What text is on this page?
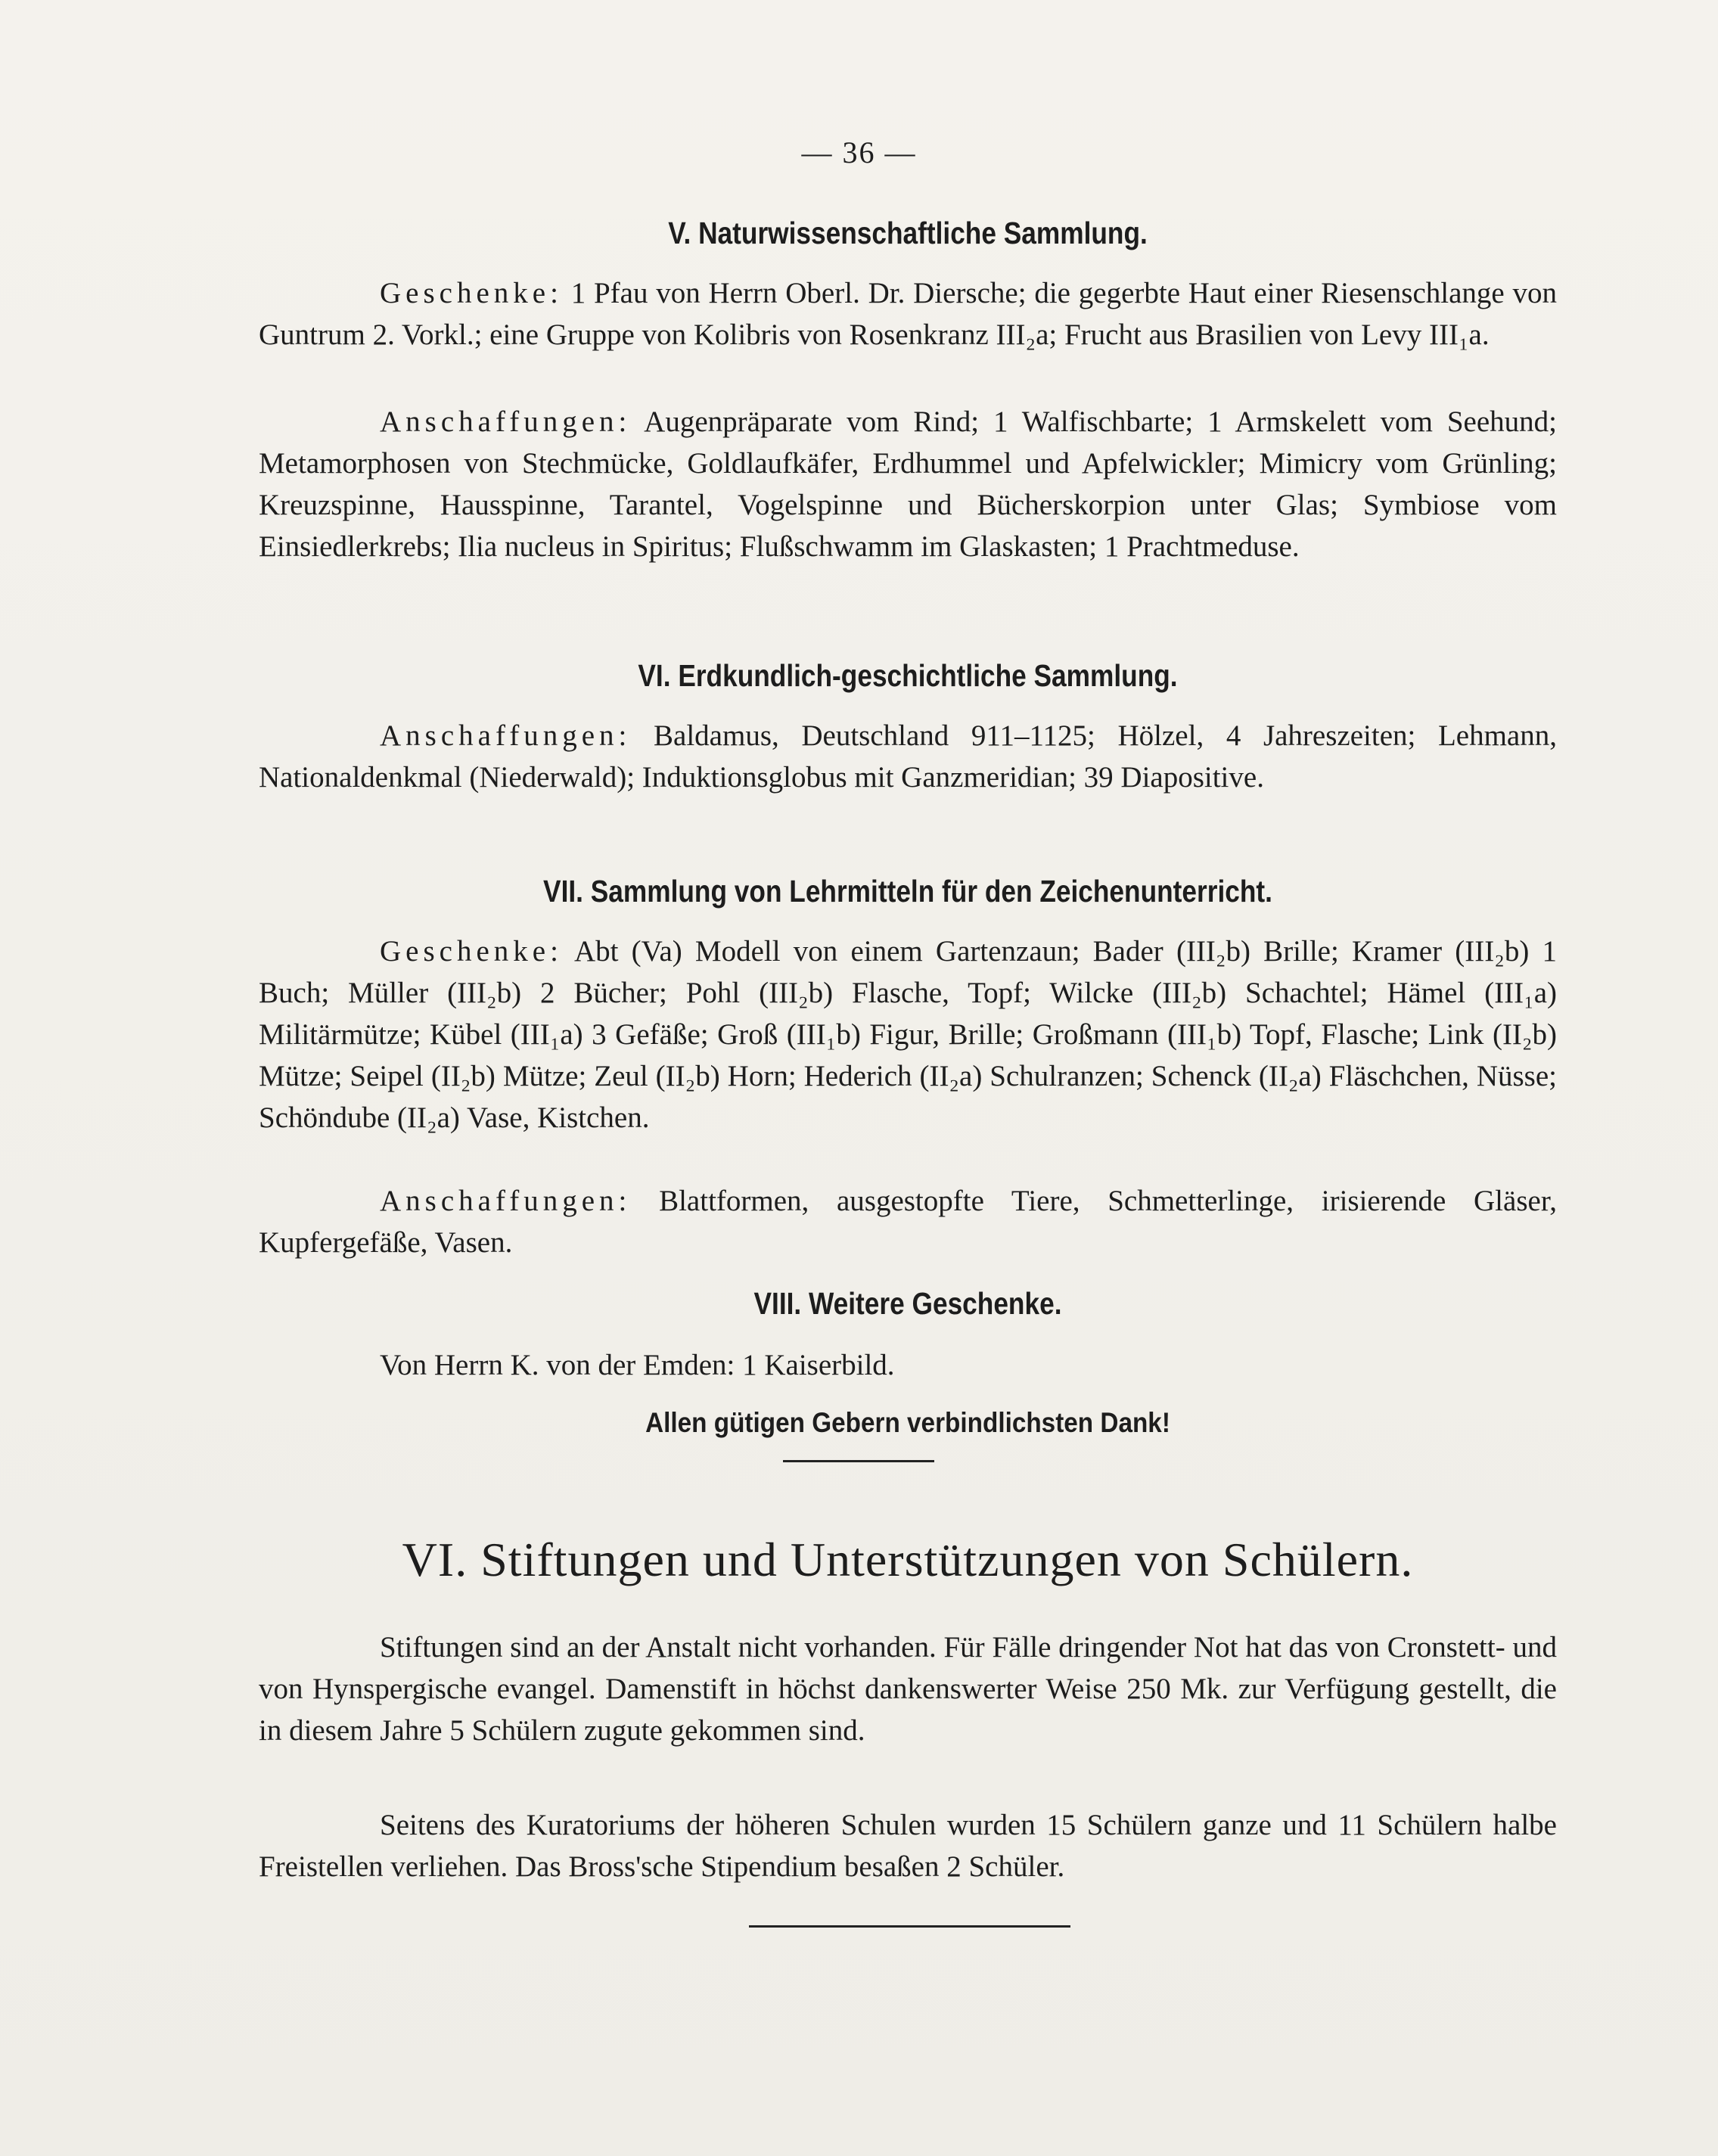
— 36 —
V. Naturwissenschaftliche Sammlung.
Geschenke: 1 Pfau von Herrn Oberl. Dr. Diersche; die gegerbte Haut einer Riesenschlange von Guntrum 2. Vorkl.; eine Gruppe von Kolibris von Rosenkranz III₂a; Frucht aus Brasilien von Levy III₁a.
Anschaffungen: Augenpräparate vom Rind; 1 Walfischbarte; 1 Armskelett vom Seehund; Metamorphosen von Stechmücke, Goldlaufkäfer, Erdhummel und Apfelwickler; Mimicry vom Grünling; Kreuzspinne, Hausspinne, Tarantel, Vogelspinne und Bücherskorpion unter Glas; Symbiose vom Einsiedlerkrebs; Ilia nucleus in Spiritus; Flußschwamm im Glaskasten; 1 Prachtmeduse.
VI. Erdkundlich-geschichtliche Sammlung.
Anschaffungen: Baldamus, Deutschland 911–1125; Hölzel, 4 Jahreszeiten; Lehmann, Nationaldenkmal (Niederwald); Induktionsglobus mit Ganzmeridian; 39 Diapositive.
VII. Sammlung von Lehrmitteln für den Zeichenunterricht.
Geschenke: Abt (Va) Modell von einem Gartenzaun; Bader (III₂b) Brille; Kramer (III₂b) 1 Buch; Müller (III₂b) 2 Bücher; Pohl (III₂b) Flasche, Topf; Wilcke (III₂b) Schachtel; Hämel (III₁a) Militärmütze; Kübel (III₁a) 3 Gefäße; Groß (III₁b) Figur, Brille; Großmann (III₁b) Topf, Flasche; Link (II₂b) Mütze; Seipel (II₂b) Mütze; Zeul (II₂b) Horn; Hederich (II₂a) Schulranzen; Schenck (II₂a) Fläschchen, Nüsse; Schöndube (II₂a) Vase, Kistchen.
Anschaffungen: Blattformen, ausgestopfte Tiere, Schmetterlinge, irisierende Gläser, Kupfergefäße, Vasen.
VIII. Weitere Geschenke.
Von Herrn K. von der Emden: 1 Kaiserbild.
Allen gütigen Gebern verbindlichsten Dank!
VI. Stiftungen und Unterstützungen von Schülern.
Stiftungen sind an der Anstalt nicht vorhanden. Für Fälle dringender Not hat das von Cronstett- und von Hynspergische evangel. Damenstift in höchst dankenswerter Weise 250 Mk. zur Verfügung gestellt, die in diesem Jahre 5 Schülern zugute gekommen sind.
Seitens des Kuratoriums der höheren Schulen wurden 15 Schülern ganze und 11 Schülern halbe Freistellen verliehen. Das Bross'sche Stipendium besaßen 2 Schüler.
